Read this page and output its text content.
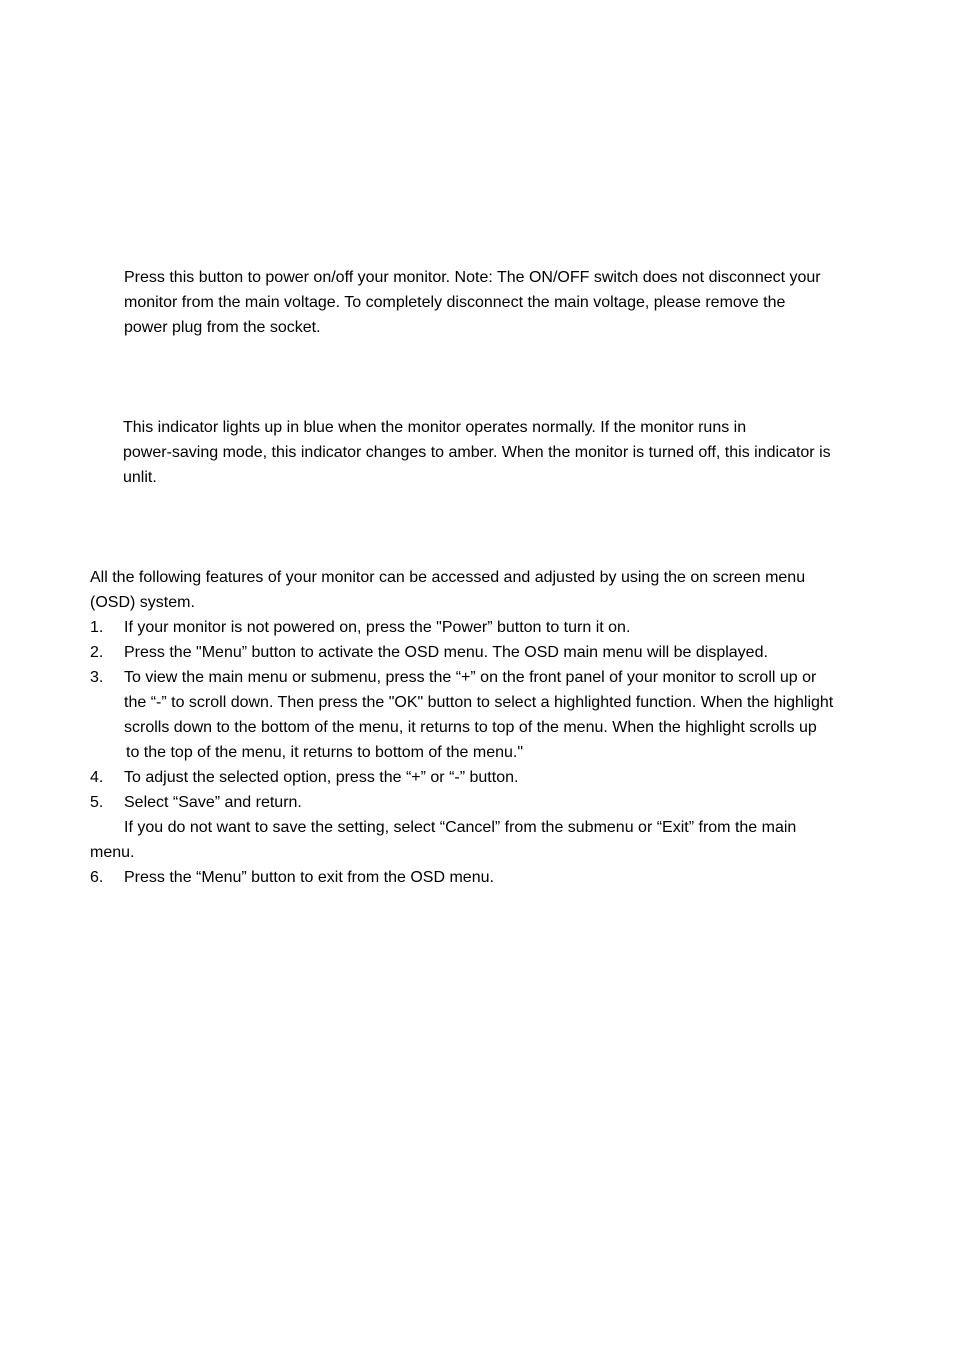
Press this button to power on/off your monitor. Note: The ON/OFF switch does not disconnect your
monitor from the main voltage. To completely disconnect the main voltage, please remove the
power plug from the socket.
This indicator lights up in blue when the monitor operates normally. If the monitor runs in
power-saving mode, this indicator changes to amber. When the monitor is turned off, this indicator is
unlit.
All the following features of your monitor can be accessed and adjusted by using the on screen menu
(OSD) system.
1. If your monitor is not powered on, press the "Power” button to turn it on.
2. Press the "Menu” button to activate the OSD menu. The OSD main menu will be displayed.
3. To view the main menu or submenu, press the “+” on the front panel of your monitor to scroll up or
the “-” to scroll down. Then press the "OK" button to select a highlighted function. When the highlight
scrolls down to the bottom of the menu, it returns to top of the menu. When the highlight scrolls up
to the top of the menu, it returns to bottom of the menu."
4. To adjust the selected option, press the “+” or “-” button.
5. Select “Save” and return.
If you do not want to save the setting, select “Cancel” from the submenu or “Exit” from the main
menu.
6. Press the “Menu” button to exit from the OSD menu.
